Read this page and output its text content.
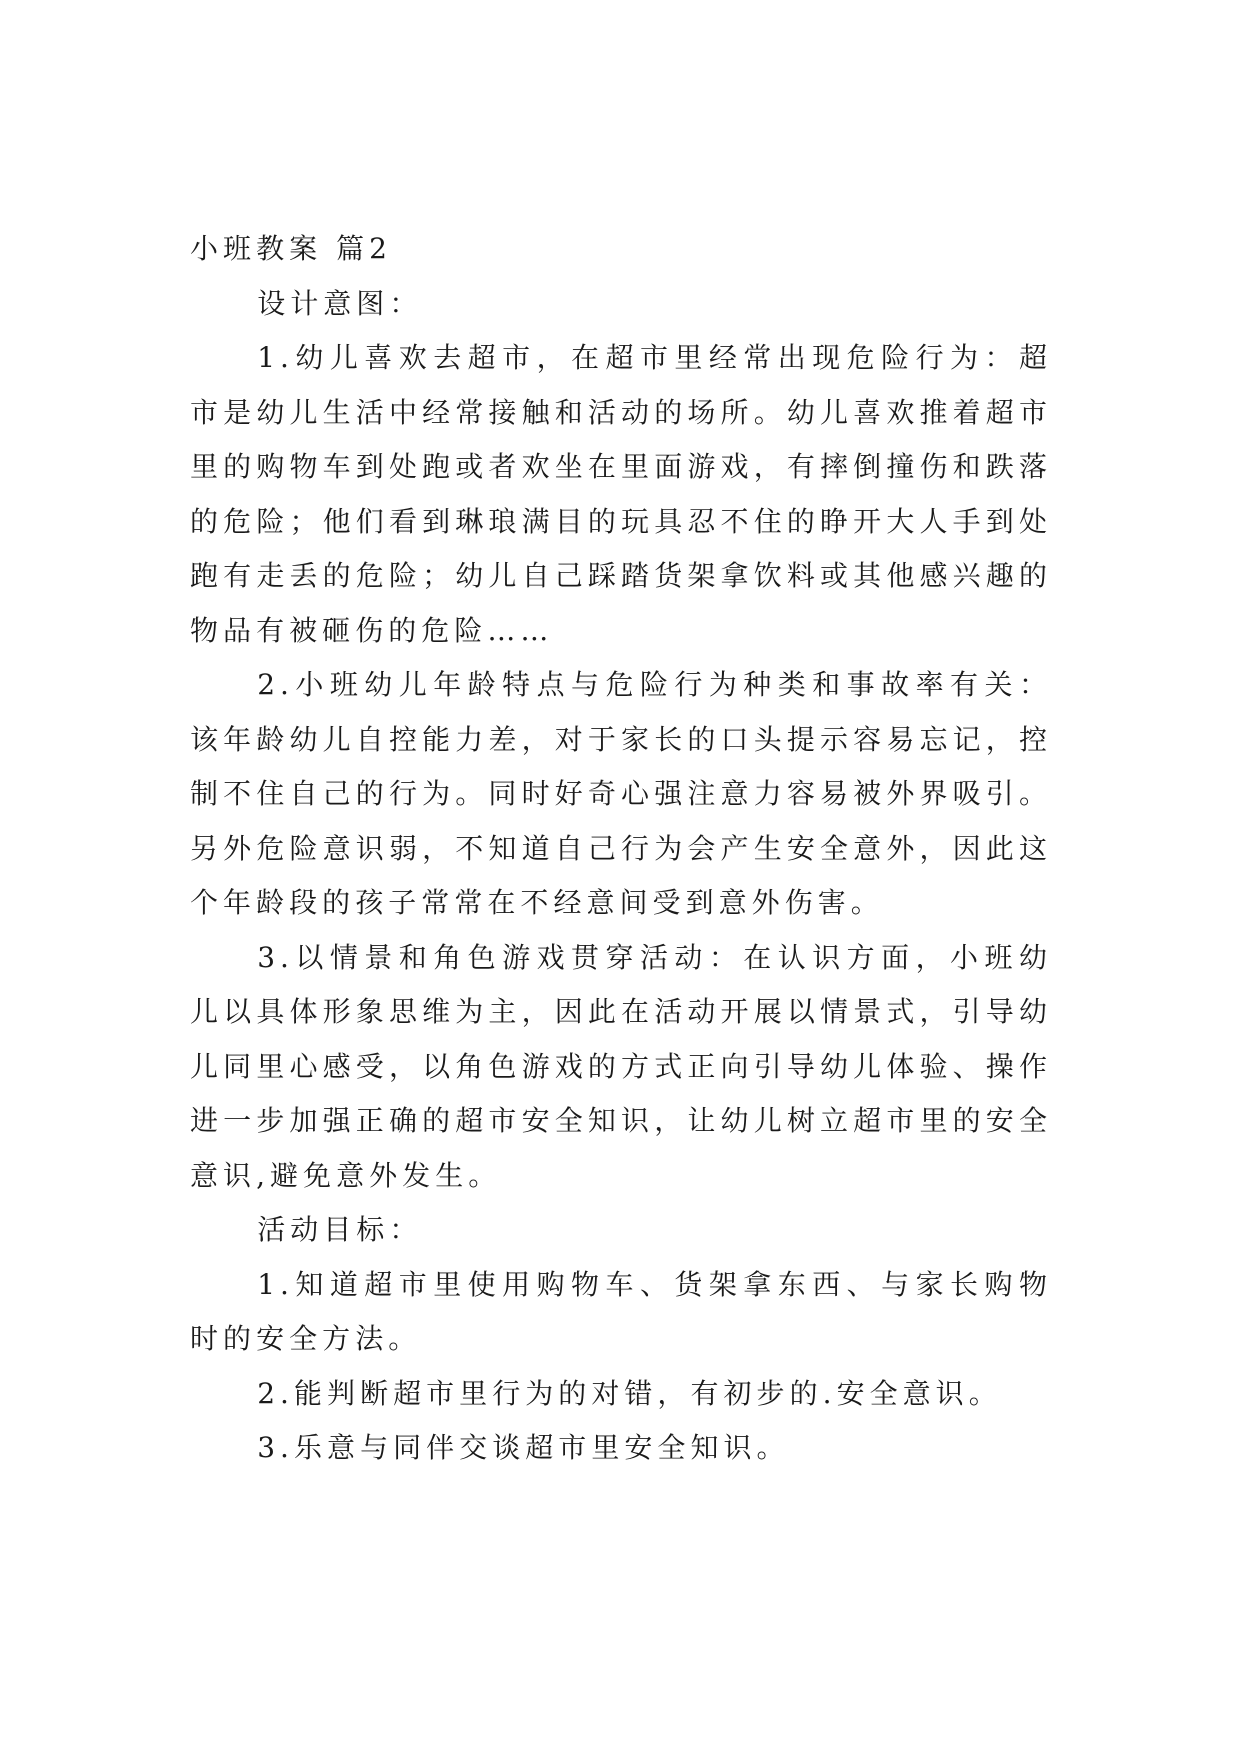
小班教案 篇2

设计意图：

1.幼儿喜欢去超市，在超市里经常出现危险行为：超市是幼儿生活中经常接触和活动的场所。幼儿喜欢推着超市里的购物车到处跑或者欢坐在里面游戏，有摔倒撞伤和跌落的危险；他们看到琳琅满目的玩具忍不住的睁开大人手到处跑有走丢的危险；幼儿自己踩踏货架拿饮料或其他感兴趣的物品有被砸伤的危险……

2.小班幼儿年龄特点与危险行为种类和事故率有关：该年龄幼儿自控能力差，对于家长的口头提示容易忘记，控制不住自己的行为。同时好奇心强注意力容易被外界吸引。另外危险意识弱，不知道自己行为会产生安全意外，因此这个年龄段的孩子常常在不经意间受到意外伤害。

3.以情景和角色游戏贯穿活动：在认识方面，小班幼儿以具体形象思维为主，因此在活动开展以情景式，引导幼儿同里心感受，以角色游戏的方式正向引导幼儿体验、操作进一步加强正确的超市安全知识，让幼儿树立超市里的安全意识,避免意外发生。

活动目标：

1.知道超市里使用购物车、货架拿东西、与家长购物时的安全方法。

2.能判断超市里行为的对错，有初步的.安全意识。

3.乐意与同伴交谈超市里安全知识。
